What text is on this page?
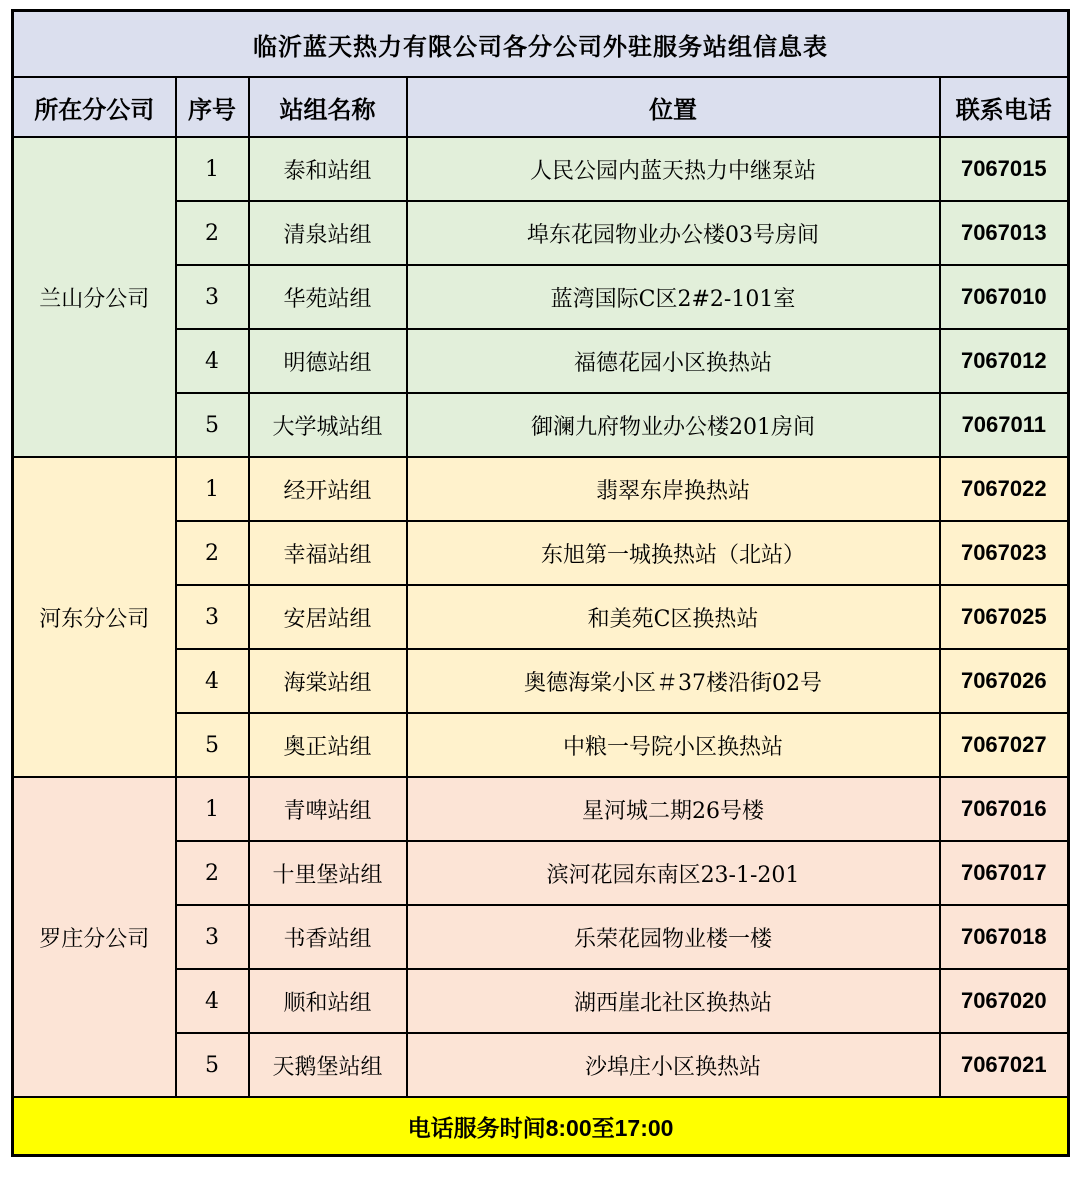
临沂蓝天热力有限公司各分公司外驻服务站组信息表				
所在分公司	序号	站组名称	位置	联系电话
兰山分公司	1	泰和站组	人民公园内蓝天热力中继泵站	7067015
	2	清泉站组	埠东花园物业办公楼03号房间	7067013
	3	华苑站组	蓝湾国际C区2#2-101室	7067010
	4	明德站组	福德花园小区换热站	7067012
	5	大学城站组	御澜九府物业办公楼201房间	7067011
河东分公司	1	经开站组	翡翠东岸换热站	7067022
	2	幸福站组	东旭第一城换热站（北站）	7067023
	3	安居站组	和美苑C区换热站	7067025
	4	海棠站组	奥德海棠小区＃37楼沿街02号	7067026
	5	奥正站组	中粮一号院小区换热站	7067027
罗庄分公司	1	青啤站组	星河城二期26号楼	7067016
	2	十里堡站组	滨河花园东南区23-1-201	7067017
	3	书香站组	乐荣花园物业楼一楼	7067018
	4	顺和站组	湖西崖北社区换热站	7067020
	5	天鹅堡站组	沙埠庄小区换热站	7067021
电话服务时间8:00至17:00				
